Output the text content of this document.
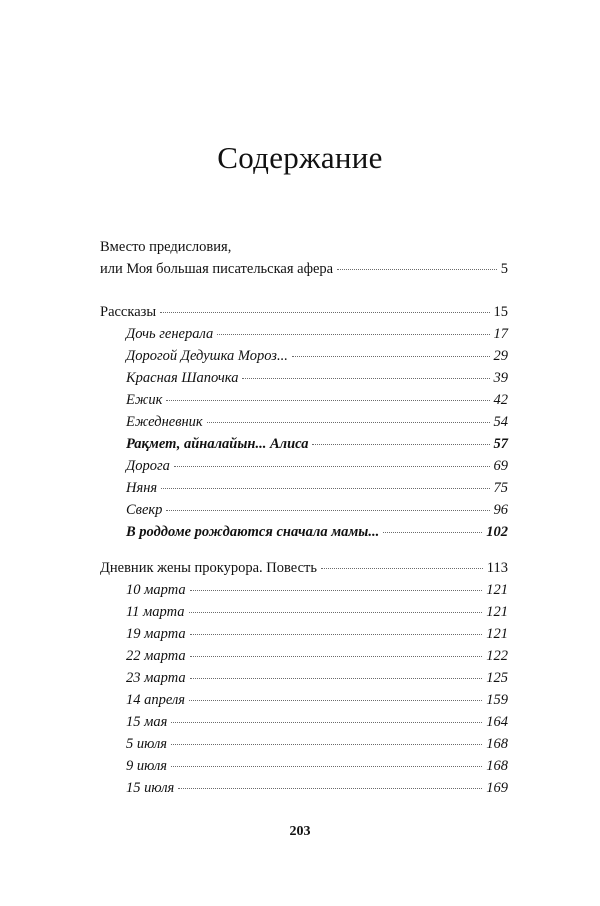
Содержание
Вместо предисловия,
или Моя большая писательская афера	5
Рассказы	15
Дочь генерала	17
Дорогой Дедушка Мороз...	29
Красная Шапочка	39
Ежик	42
Ежедневник	54
Рақмет, айналайын... Алиса	57
Дорога	69
Няня	75
Свекр	96
В роддоме рождаются сначала мамы...	102
Дневник жены прокурора. Повесть	113
10 марта	121
11 марта	121
19 марта	121
22 марта	122
23 марта	125
14 апреля	159
15 мая	164
5 июля	168
9 июля	168
15 июля	169
203
